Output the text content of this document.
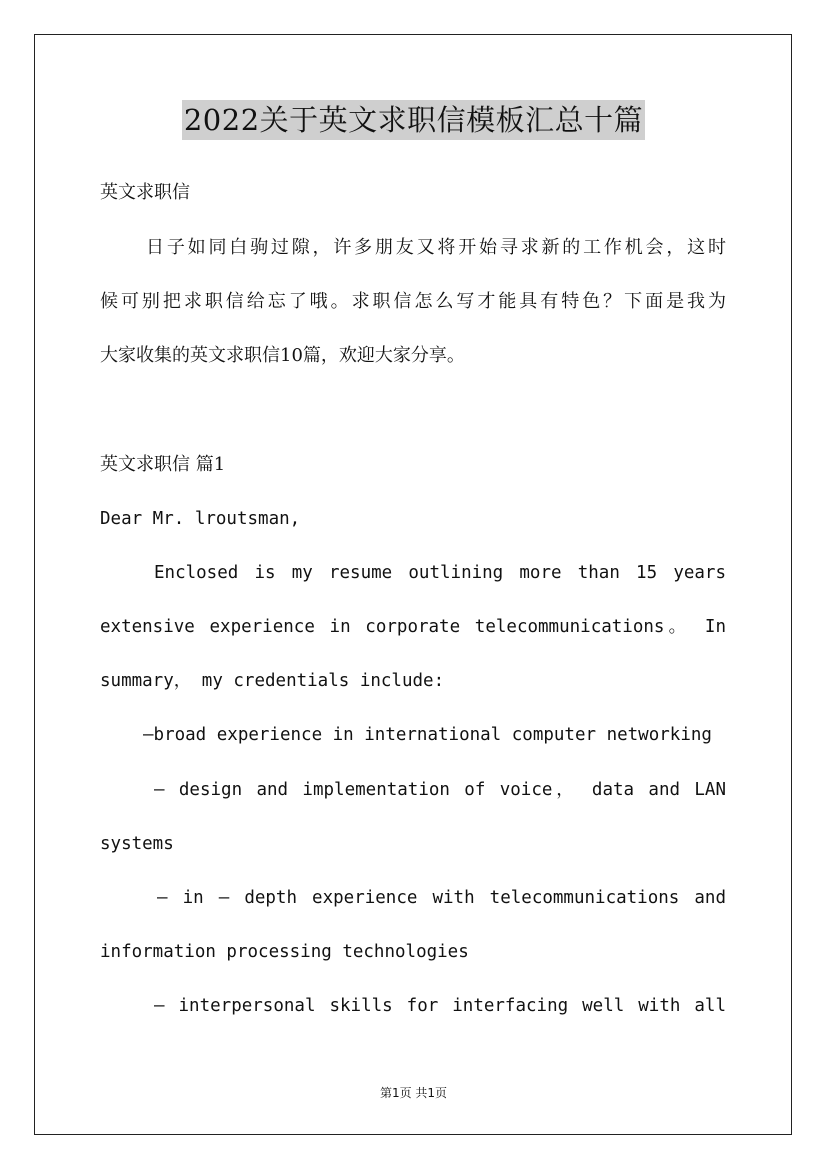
2022关于英文求职信模板汇总十篇
英文求职信
日子如同白驹过隙，许多朋友又将开始寻求新的工作机会，这时
候可别把求职信给忘了哦。求职信怎么写才能具有特色？下面是我为
大家收集的英文求职信10篇，欢迎大家分享。
英文求职信 篇1
Dear Mr. lroutsman,
Enclosed is my resume outlining more than 15 years
extensive experience in corporate telecommunications。 In
summary， my credentials include:
—broad experience in international computer networking
— design and implementation of voice， data and LAN
systems
— in — depth experience with telecommunications and
information processing technologies
— interpersonal skills for interfacing well with all
第1页 共1页
